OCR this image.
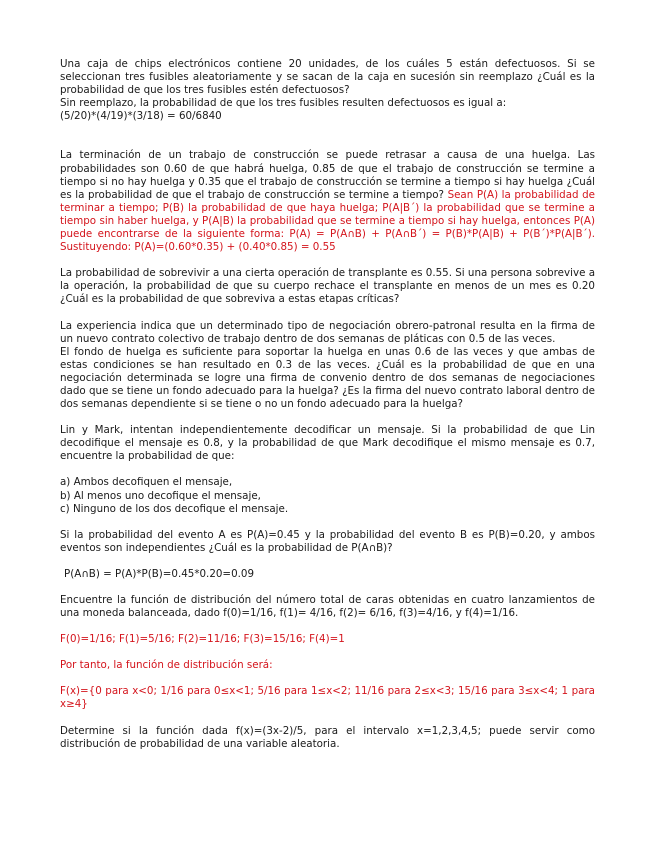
Una caja de chips electrónicos contiene 20 unidades, de los cuáles 5 están defectuosos. Si se seleccionan tres fusibles aleatoriamente y se sacan de la caja en sucesión sin reemplazo ¿Cuál es la probabilidad de que los tres fusibles estén defectuosos?
Sin reemplazo, la probabilidad de que los tres fusibles resulten defectuosos es igual a:
(5/20)*(4/19)*(3/18) = 60/6840

La terminación de un trabajo de construcción se puede retrasar a causa de una huelga. Las probabilidades son 0.60 de que habrá huelga, 0.85 de que el trabajo de construcción se termine a tiempo si no hay huelga y 0.35 que el trabajo de construcción se termine a tiempo si hay huelga ¿Cuál es la probabilidad de que el trabajo de construcción se termine a tiempo? Sean P(A) la probabilidad de terminar a tiempo; P(B) la probabilidad de que haya huelga; P(A|B´) la probabilidad que se termine a tiempo sin haber huelga, y P(A|B) la probabilidad que se termine a tiempo si hay huelga, entonces P(A) puede encontrarse de la siguiente forma: P(A) = P(A∩B) + P(A∩B´) = P(B)*P(A|B) + P(B´)*P(A|B´). Sustituyendo: P(A)=(0.60*0.35) + (0.40*0.85) = 0.55

La probabilidad de sobrevivir a una cierta operación de transplante es 0.55. Si una persona sobrevive a la operación, la probabilidad de que su cuerpo rechace el transplante en menos de un mes es 0.20 ¿Cuál es la probabilidad de que sobreviva a estas etapas críticas?

La experiencia indica que un determinado tipo de negociación obrero-patronal resulta en la firma de un nuevo contrato colectivo de trabajo dentro de dos semanas de pláticas con 0.5 de las veces.
El fondo de huelga es suficiente para soportar la huelga en unas 0.6 de las veces y que ambas de estas condiciones se han resultado en 0.3 de las veces. ¿Cuál es la probabilidad de que en una negociación determinada se logre una firma de convenio dentro de dos semanas de negociaciones dado que se tiene un fondo adecuado para la huelga? ¿Es la firma del nuevo contrato laboral dentro de dos semanas dependiente si se tiene o no un fondo adecuado para la huelga?

Lin y Mark, intentan independientemente decodificar un mensaje. Si la probabilidad de que Lin decodifique el mensaje es 0.8, y la probabilidad de que Mark decodifique el mismo mensaje es 0.7, encuentre la probabilidad de que:

a) Ambos decofiquen el mensaje,
b) Al menos uno decofique el mensaje,
c) Ninguno de los dos decofique el mensaje.

Si la probabilidad del evento A es P(A)=0.45 y la probabilidad del evento B es P(B)=0.20, y ambos eventos son independientes ¿Cuál es la probabilidad de P(A∩B)?

P(A∩B) = P(A)*P(B)=0.45*0.20=0.09

Encuentre la función de distribución del número total de caras obtenidas en cuatro lanzamientos de una moneda balanceada, dado f(0)=1/16, f(1)= 4/16, f(2)= 6/16, f(3)=4/16, y f(4)=1/16.

F(0)=1/16; F(1)=5/16; F(2)=11/16; F(3)=15/16; F(4)=1

Por tanto, la función de distribución será:

F(x)={0 para x<0; 1/16 para 0≤x<1; 5/16 para 1≤x<2; 11/16 para 2≤x<3; 15/16 para 3≤x<4; 1 para x≥4}

Determine si la función dada f(x)=(3x-2)/5, para el intervalo x=1,2,3,4,5; puede servir como distribución de probabilidad de una variable aleatoria.
